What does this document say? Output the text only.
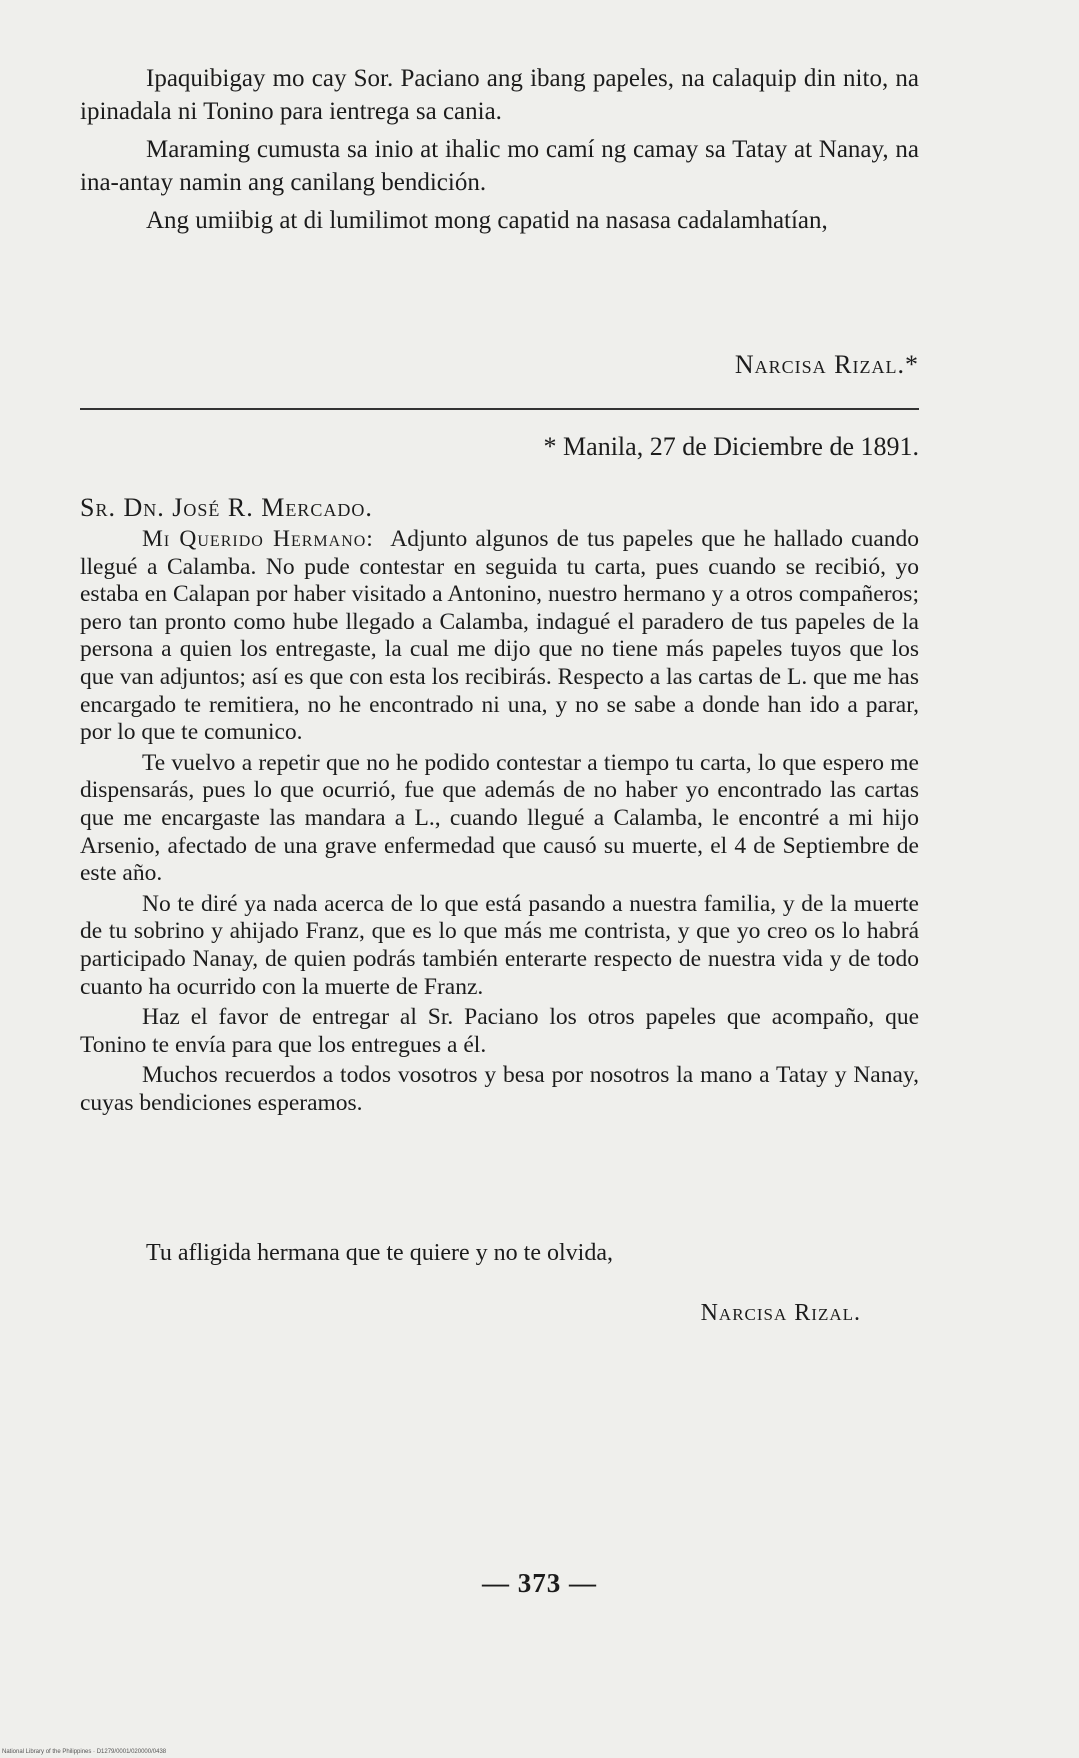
Ipaquibigay mo cay Sor. Paciano ang ibang papeles, na calaquip din nito, na ipinadala ni Tonino para ientrega sa cania.

Maraming cumusta sa inio at ihalic mo camí ng camay sa Tatay at Nanay, na ina-antay namin ang canilang bendición.

Ang umiibig at di lumilimot mong capatid na nasasa cadalamhatían,

Narcisa Rizal.*
* Manila, 27 de Diciembre de 1891.

Sr. Dn. José R. Mercado.

Mi Querido Hermano: Adjunto algunos de tus papeles que he hallado cuando llegué a Calamba. No pude contestar en seguida tu carta, pues cuando se recibió, yo estaba en Calapan por haber visitado a Antonino, nuestro hermano y a otros compañeros; pero tan pronto como hube llegado a Calamba, indagué el paradero de tus papeles de la persona a quien los entregaste, la cual me dijo que no tiene más papeles tuyos que los que van adjuntos; así es que con esta los recibirás. Respecto a las cartas de L. que me has encargado te remitiera, no he encontrado ni una, y no se sabe a donde han ido a parar, por lo que te comunico.

Te vuelvo a repetir que no he podido contestar a tiempo tu carta, lo que espero me dispensarás, pues lo que ocurrió, fue que además de no haber yo encontrado las cartas que me encargaste las mandara a L., cuando llegué a Calamba, le encontré a mi hijo Arsenio, afectado de una grave enfermedad que causó su muerte, el 4 de Septiembre de este año.

No te diré ya nada acerca de lo que está pasando a nuestra familia, y de la muerte de tu sobrino y ahijado Franz, que es lo que más me contrista, y que yo creo os lo habrá participado Nanay, de quien podrás también enterarte respecto de nuestra vida y de todo cuanto ha ocurrido con la muerte de Franz.

Haz el favor de entregar al Sr. Paciano los otros papeles que acompaño, que Tonino te envía para que los entregues a él.

Muchos recuerdos a todos vosotros y besa por nosotros la mano a Tatay y Nanay, cuyas bendiciones esperamos.

Tu afligida hermana que te quiere y no te olvida,
Narcisa Rizal.
— 373 —
National Library of the Philippines · D1279/0001/020000/0438
